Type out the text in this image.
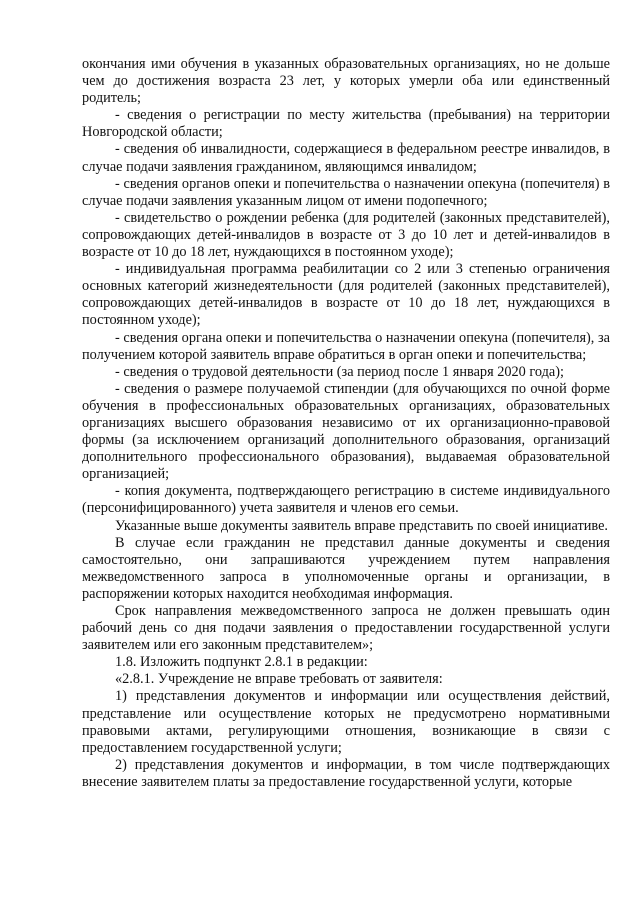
окончания ими обучения в указанных образовательных организациях, но не дольше чем до достижения возраста 23 лет, у которых умерли оба или единственный родитель;

- сведения о регистрации по месту жительства (пребывания) на территории Новгородской области;

- сведения об инвалидности, содержащиеся в федеральном реестре инвалидов, в случае подачи заявления гражданином, являющимся инвалидом;

- сведения органов опеки и попечительства о назначении опекуна (попечителя) в случае подачи заявления указанным лицом от имени подопечного;

- свидетельство о рождении ребенка (для родителей (законных представителей), сопровождающих детей-инвалидов в возрасте от 3 до 10 лет и детей-инвалидов в возрасте от 10 до 18 лет, нуждающихся в постоянном уходе);

- индивидуальная программа реабилитации со 2 или 3 степенью ограничения основных категорий жизнедеятельности (для родителей (законных представителей), сопровождающих детей-инвалидов в возрасте от 10 до 18 лет, нуждающихся в постоянном уходе);

- сведения органа опеки и попечительства о назначении опекуна (попечителя), за получением которой заявитель вправе обратиться в орган опеки и попечительства;

- сведения о трудовой деятельности (за период после 1 января 2020 года);

- сведения о размере получаемой стипендии (для обучающихся по очной форме обучения в профессиональных образовательных организациях, образовательных организациях высшего образования независимо от их организационно-правовой формы (за исключением организаций дополнительного образования, организаций дополнительного профессионального образования), выдаваемая образовательной организацией;

- копия документа, подтверждающего регистрацию в системе индивидуального (персонифицированного) учета заявителя и членов его семьи.

Указанные выше документы заявитель вправе представить по своей инициативе.

В случае если гражданин не представил данные документы и сведения самостоятельно, они запрашиваются учреждением путем направления межведомственного запроса в уполномоченные органы и организации, в распоряжении которых находится необходимая информация.

Срок направления межведомственного запроса не должен превышать один рабочий день со дня подачи заявления о предоставлении государственной услуги заявителем или его законным представителем»;

1.8. Изложить подпункт 2.8.1 в редакции:

«2.8.1. Учреждение не вправе требовать от заявителя:

1) представления документов и информации или осуществления действий, представление или осуществление которых не предусмотрено нормативными правовыми актами, регулирующими отношения, возникающие в связи с предоставлением государственной услуги;

2) представления документов и информации, в том числе подтверждающих внесение заявителем платы за предоставление государственной услуги, которые
